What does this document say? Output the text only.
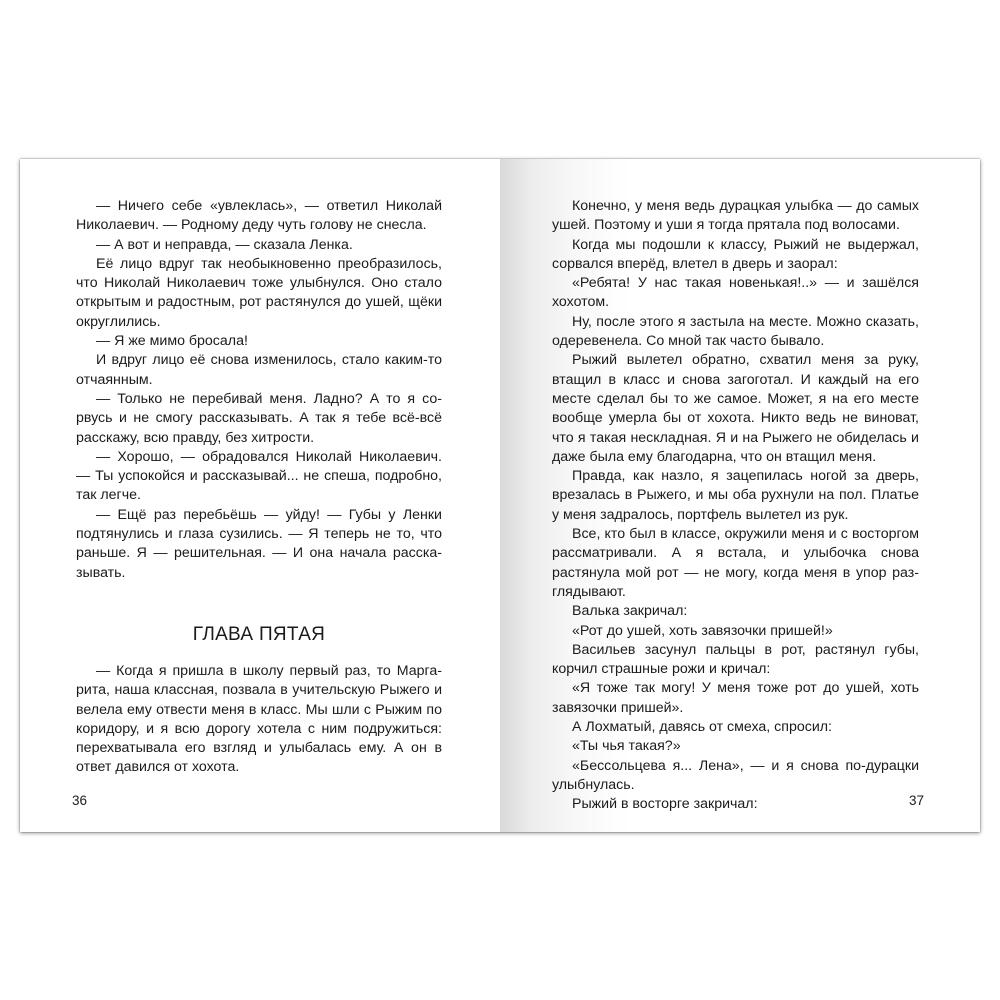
— Ничего себе «увлеклась», — ответил Николай Николаевич. — Родному деду чуть голову не снесла.

— А вот и неправда, — сказала Ленка.

Её лицо вдруг так необыкновенно преобразилось, что Николай Николаевич тоже улыбнулся. Оно стало открытым и радостным, рот растянулся до ушей, щёки округлились.

— Я же мимо бросала!

И вдруг лицо её снова изменилось, стало каким-то отчаянным.

— Только не перебивай меня. Ладно? А то я сорвусь и не смогу рассказывать. А так я тебе всё-всё расскажу, всю правду, без хитрости.

— Хорошо, — обрадовался Николай Николаевич. — Ты успокойся и рассказывай... не спеша, подробно, так легче.

— Ещё раз перебьёшь — уйду! — Губы у Ленки подтянулись и глаза сузились. — Я теперь не то, что раньше. Я — решительная. — И она начала рассказывать.

ГЛАВА ПЯТАЯ

— Когда я пришла в школу первый раз, то Маргарита, наша классная, позвала в учительскую Рыжего и велела ему отвести меня в класс. Мы шли с Рыжим по коридору, и я всю дорогу хотела с ним подружиться: перехватывала его взгляд и улыбалась ему. А он в ответ давился от хохота.

36

Конечно, у меня ведь дурацкая улыбка — до самых ушей. Поэтому и уши я тогда прятала под волосами.

Когда мы подошли к классу, Рыжий не выдержал, сорвался вперёд, влетел в дверь и заорал:

«Ребята! У нас такая новенькая!..» — и зашёлся хохотом.

Ну, после этого я застыла на месте. Можно сказать, одеревенела. Со мной так часто бывало.

Рыжий вылетел обратно, схватил меня за руку, втащил в класс и снова загоготал. И каждый на его месте сделал бы то же самое. Может, я на его месте вообще умерла бы от хохота. Никто ведь не виноват, что я такая нескладная. Я и на Рыжего не обиделась и даже была ему благодарна, что он втащил меня.

Правда, как назло, я зацепилась ногой за дверь, врезалась в Рыжего, и мы оба рухнули на пол. Платье у меня задралось, портфель вылетел из рук.

Все, кто был в классе, окружили меня и с восторгом рассматривали. А я встала, и улыбочка снова растянула мой рот — не могу, когда меня в упор разглядывают.

Валька закричал:

«Рот до ушей, хоть завязочки пришей!»

Васильев засунул пальцы в рот, растянул губы, корчил страшные рожи и кричал:

«Я тоже так могу! У меня тоже рот до ушей, хоть завязочки пришей».

А Лохматый, давясь от смеха, спросил:

«Ты чья такая?»

«Бессольцева я... Лена», — и я снова по-дурацки улыбнулась.

Рыжий в восторге закричал:	37
